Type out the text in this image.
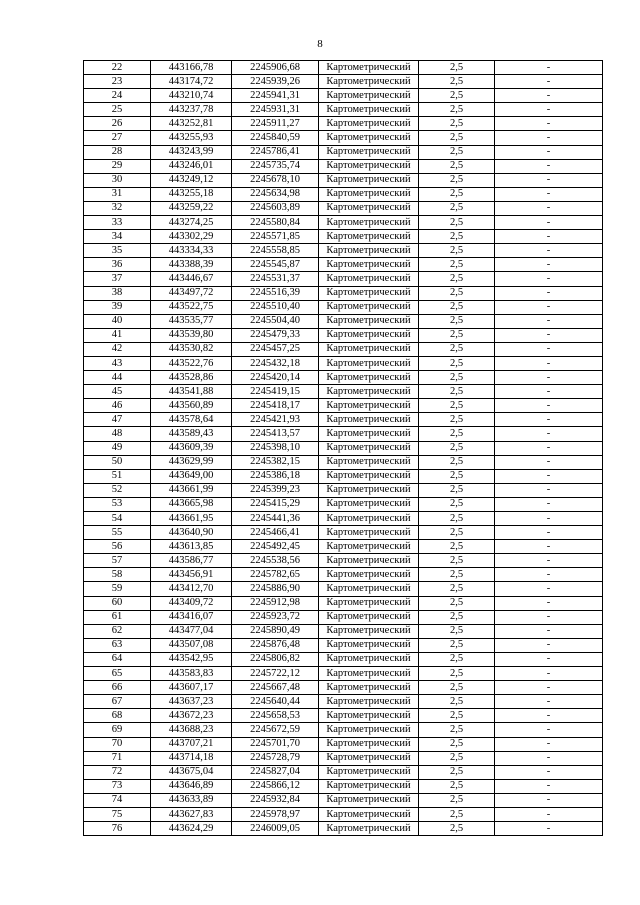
8
22	443166,78	2245906,68	Картометрический	2,5	-
23	443174,72	2245939,26	Картометрический	2,5	-
24	443210,74	2245941,31	Картометрический	2,5	-
25	443237,78	2245931,31	Картометрический	2,5	-
26	443252,81	2245911,27	Картометрический	2,5	-
27	443255,93	2245840,59	Картометрический	2,5	-
28	443243,99	2245786,41	Картометрический	2,5	-
29	443246,01	2245735,74	Картометрический	2,5	-
30	443249,12	2245678,10	Картометрический	2,5	-
31	443255,18	2245634,98	Картометрический	2,5	-
32	443259,22	2245603,89	Картометрический	2,5	-
33	443274,25	2245580,84	Картометрический	2,5	-
34	443302,29	2245571,85	Картометрический	2,5	-
35	443334,33	2245558,85	Картометрический	2,5	-
36	443388,39	2245545,87	Картометрический	2,5	-
37	443446,67	2245531,37	Картометрический	2,5	-
38	443497,72	2245516,39	Картометрический	2,5	-
39	443522,75	2245510,40	Картометрический	2,5	-
40	443535,77	2245504,40	Картометрический	2,5	-
41	443539,80	2245479,33	Картометрический	2,5	-
42	443530,82	2245457,25	Картометрический	2,5	-
43	443522,76	2245432,18	Картометрический	2,5	-
44	443528,86	2245420,14	Картометрический	2,5	-
45	443541,88	2245419,15	Картометрический	2,5	-
46	443560,89	2245418,17	Картометрический	2,5	-
47	443578,64	2245421,93	Картометрический	2,5	-
48	443589,43	2245413,57	Картометрический	2,5	-
49	443609,39	2245398,10	Картометрический	2,5	-
50	443629,99	2245382,15	Картометрический	2,5	-
51	443649,00	2245386,18	Картометрический	2,5	-
52	443661,99	2245399,23	Картометрический	2,5	-
53	443665,98	2245415,29	Картометрический	2,5	-
54	443661,95	2245441,36	Картометрический	2,5	-
55	443640,90	2245466,41	Картометрический	2,5	-
56	443613,85	2245492,45	Картометрический	2,5	-
57	443586,77	2245538,56	Картометрический	2,5	-
58	443456,91	2245782,65	Картометрический	2,5	-
59	443412,70	2245886,90	Картометрический	2,5	-
60	443409,72	2245912,98	Картометрический	2,5	-
61	443416,07	2245923,72	Картометрический	2,5	-
62	443477,04	2245890,49	Картометрический	2,5	-
63	443507,08	2245876,48	Картометрический	2,5	-
64	443542,95	2245806,82	Картометрический	2,5	-
65	443583,83	2245722,12	Картометрический	2,5	-
66	443607,17	2245667,48	Картометрический	2,5	-
67	443637,23	2245640,44	Картометрический	2,5	-
68	443672,23	2245658,53	Картометрический	2,5	-
69	443688,23	2245672,59	Картометрический	2,5	-
70	443707,21	2245701,70	Картометрический	2,5	-
71	443714,18	2245728,79	Картометрический	2,5	-
72	443675,04	2245827,04	Картометрический	2,5	-
73	443646,89	2245866,12	Картометрический	2,5	-
74	443633,89	2245932,84	Картометрический	2,5	-
75	443627,83	2245978,97	Картометрический	2,5	-
76	443624,29	2246009,05	Картометрический	2,5	-
